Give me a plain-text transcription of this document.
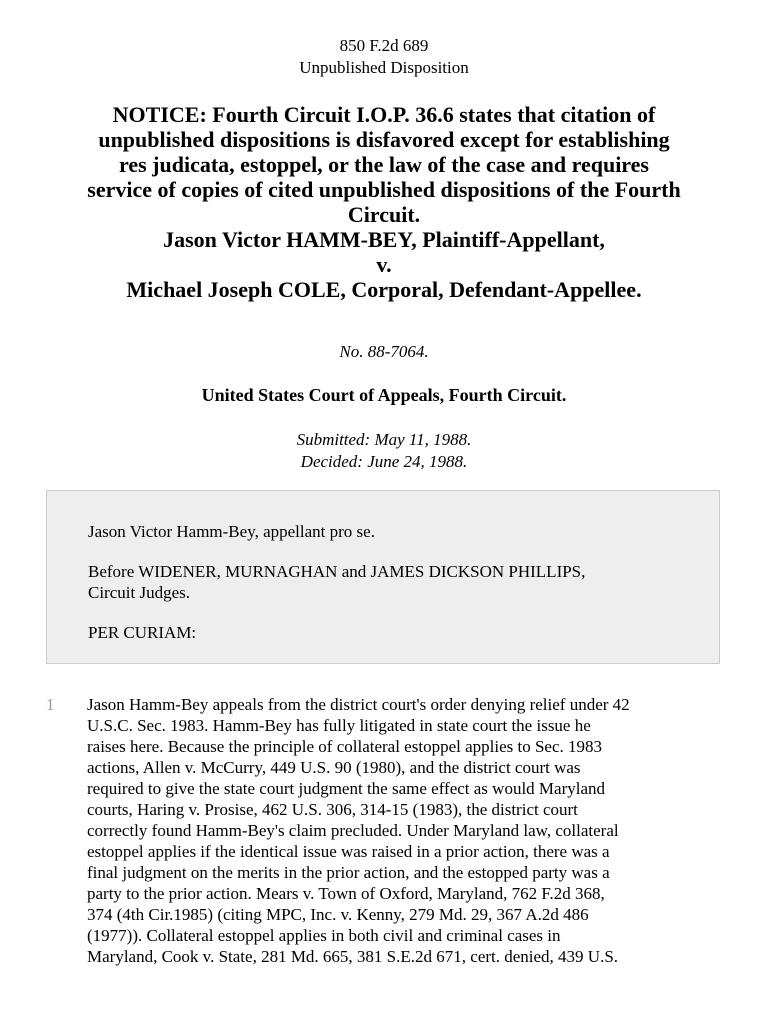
850 F.2d 689
Unpublished Disposition
NOTICE: Fourth Circuit I.O.P. 36.6 states that citation of
unpublished dispositions is disfavored except for establishing
res judicata, estoppel, or the law of the case and requires
service of copies of cited unpublished dispositions of the Fourth
Circuit.
Jason Victor HAMM-BEY, Plaintiff-Appellant,
v.
Michael Joseph COLE, Corporal, Defendant-Appellee.
No. 88-7064.
United States Court of Appeals, Fourth Circuit.
Submitted: May 11, 1988.
Decided: June 24, 1988.
Jason Victor Hamm-Bey, appellant pro se.
Before WIDENER, MURNAGHAN and JAMES DICKSON PHILLIPS,
Circuit Judges.
PER CURIAM:
1 Jason Hamm-Bey appeals from the district court's order denying relief under 42
U.S.C. Sec. 1983. Hamm-Bey has fully litigated in state court the issue he
raises here. Because the principle of collateral estoppel applies to Sec. 1983
actions, Allen v. McCurry, 449 U.S. 90 (1980), and the district court was
required to give the state court judgment the same effect as would Maryland
courts, Haring v. Prosise, 462 U.S. 306, 314-15 (1983), the district court
correctly found Hamm-Bey's claim precluded. Under Maryland law, collateral
estoppel applies if the identical issue was raised in a prior action, there was a
final judgment on the merits in the prior action, and the estopped party was a
party to the prior action. Mears v. Town of Oxford, Maryland, 762 F.2d 368,
374 (4th Cir.1985) (citing MPC, Inc. v. Kenny, 279 Md. 29, 367 A.2d 486
(1977)). Collateral estoppel applies in both civil and criminal cases in
Maryland, Cook v. State, 281 Md. 665, 381 S.E.2d 671, cert. denied, 439 U.S.
